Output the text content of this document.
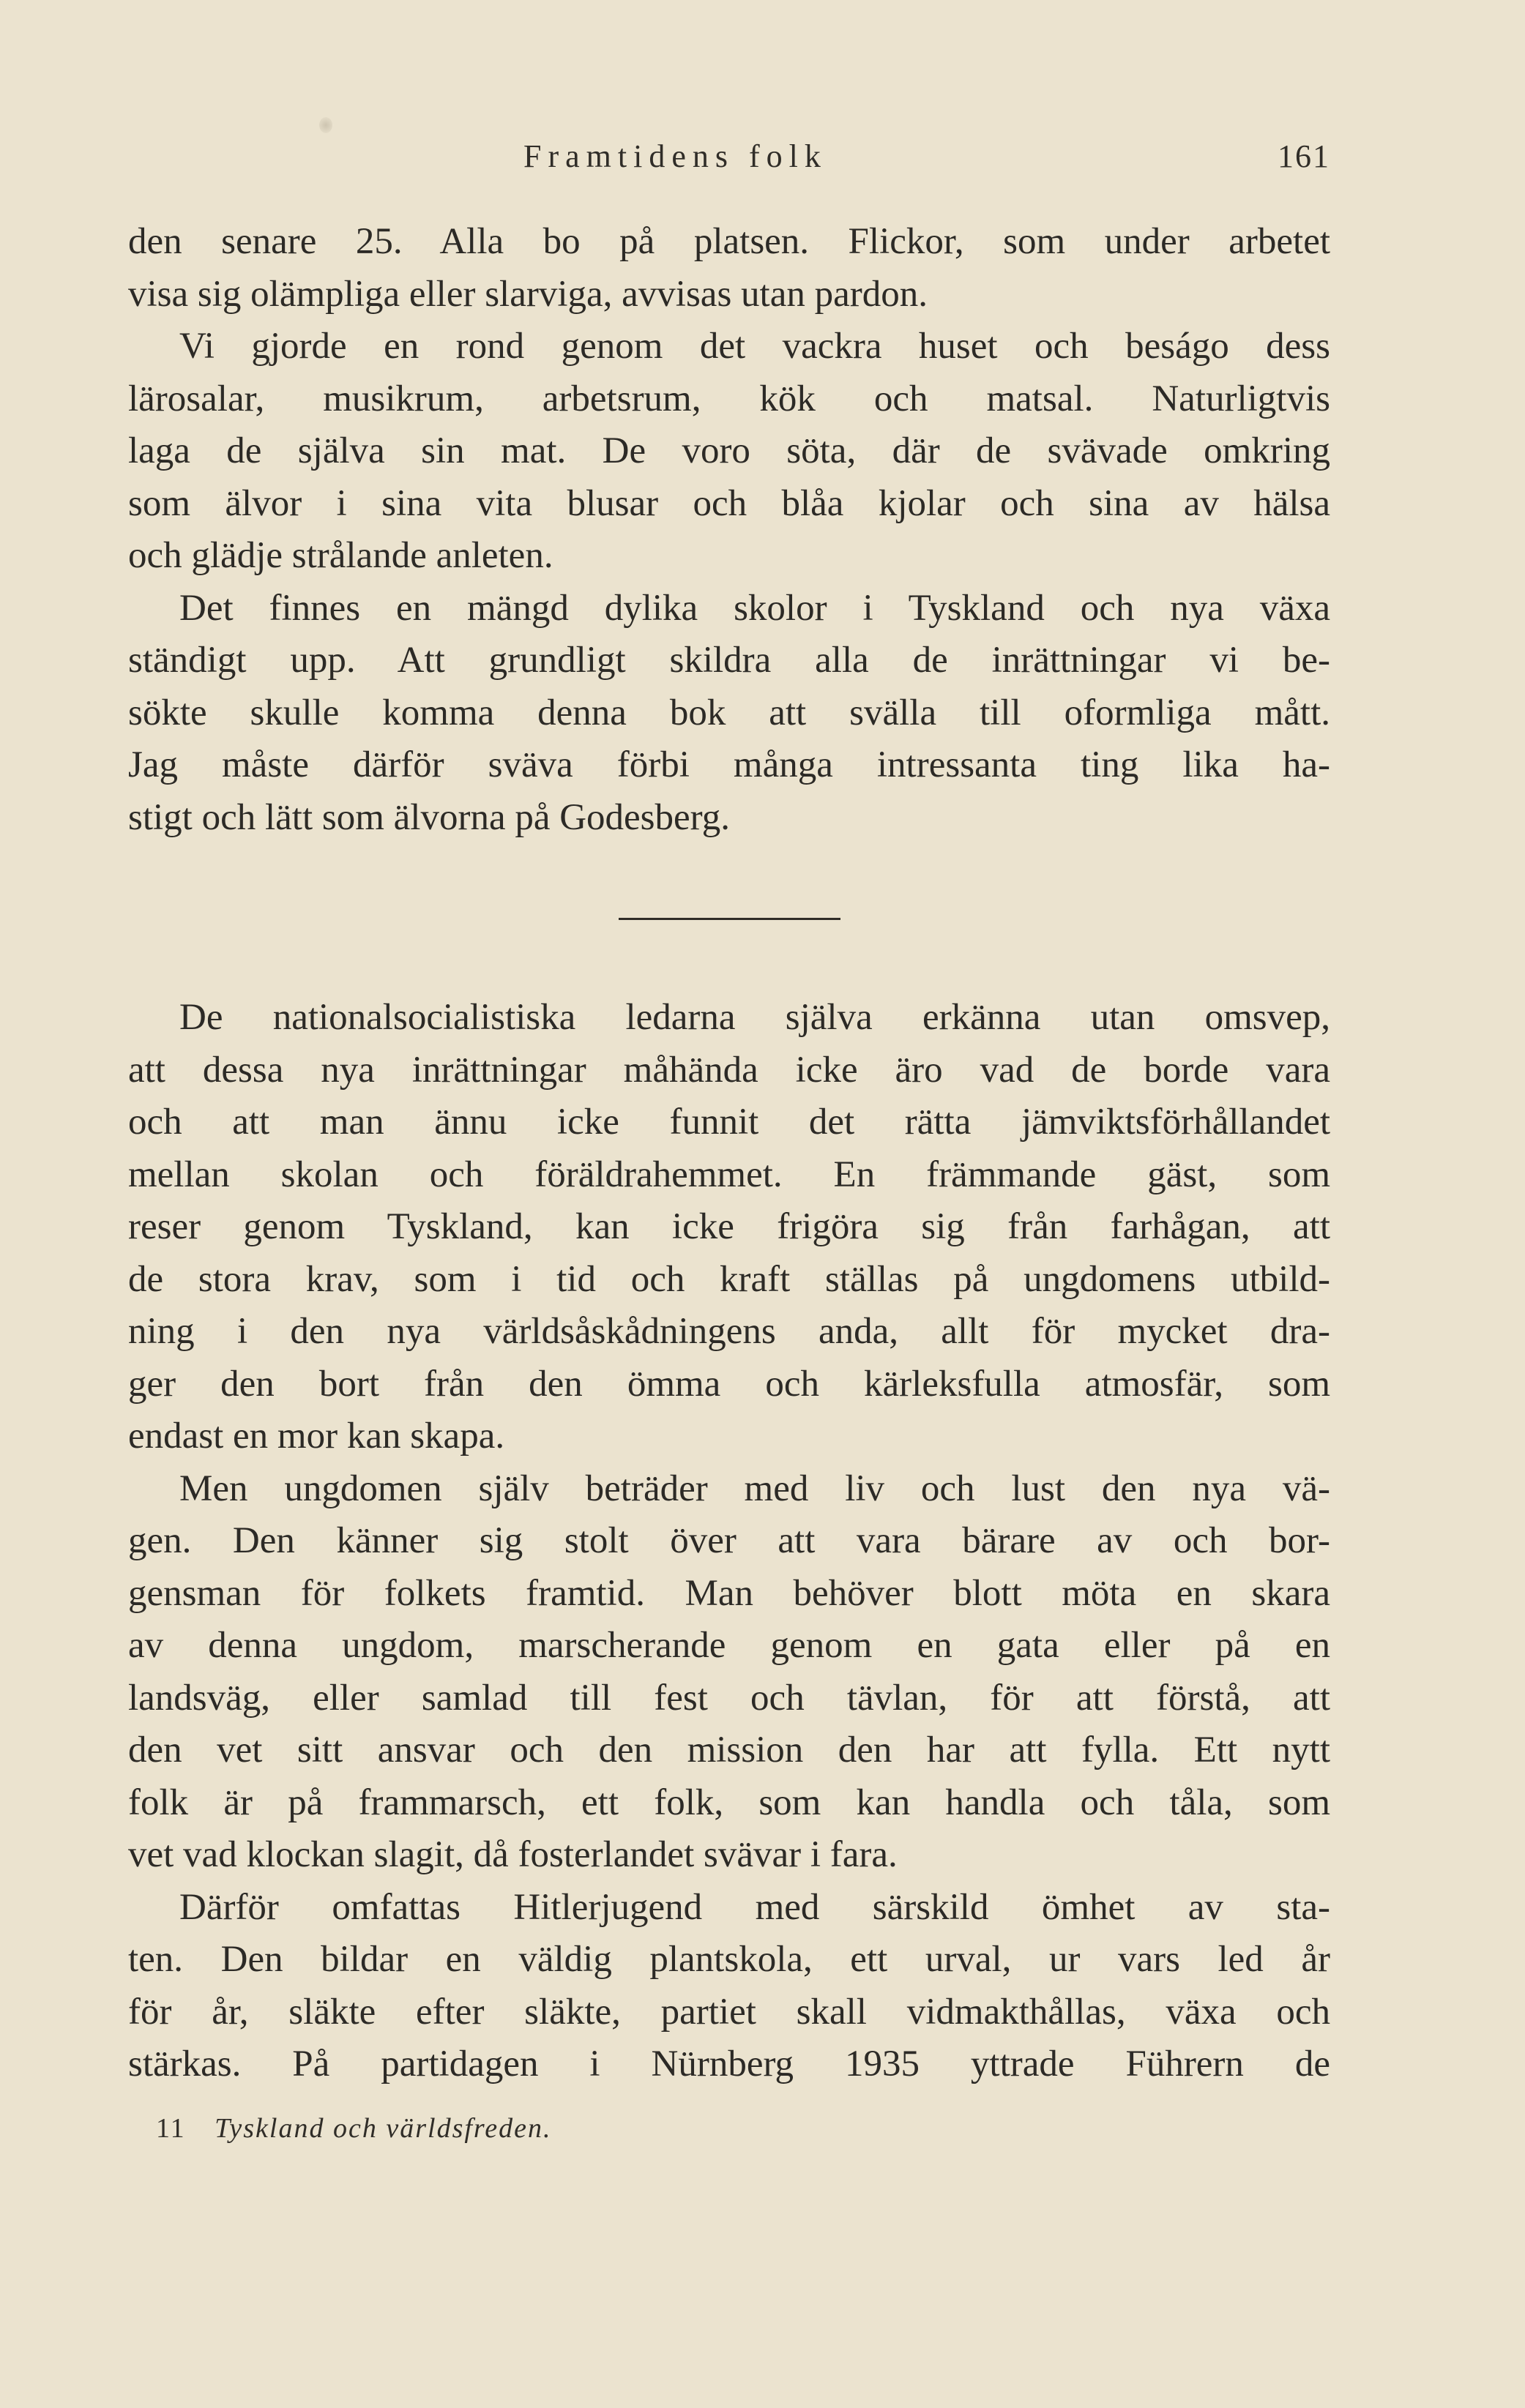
Framtidens folk	161
den senare 25. Alla bo på platsen. Flickor, som under arbetet
visa sig olämpliga eller slarviga, avvisas utan pardon.
Vi gjorde en rond genom det vackra huset och beságo dess
lärosalar, musikrum, arbetsrum, kök och matsal. Naturligtvis
laga de själva sin mat. De voro söta, där de svävade omkring
som älvor i sina vita blusar och blåa kjolar och sina av hälsa
och glädje strålande anleten.
Det finnes en mängd dylika skolor i Tyskland och nya växa
ständigt upp. Att grundligt skildra alla de inrättningar vi be-
sökte skulle komma denna bok att svälla till oformliga mått.
Jag måste därför sväva förbi många intressanta ting lika ha-
stigt och lätt som älvorna på Godesberg.
De nationalsocialistiska ledarna själva erkänna utan omsvep,
att dessa nya inrättningar måhända icke äro vad de borde vara
och att man ännu icke funnit det rätta jämviktsförhållandet
mellan skolan och föräldrahemmet. En främmande gäst, som
reser genom Tyskland, kan icke frigöra sig från farhågan, att
de stora krav, som i tid och kraft ställas på ungdomens utbild-
ning i den nya världsåskådningens anda, allt för mycket dra-
ger den bort från den ömma och kärleksfulla atmosfär, som
endast en mor kan skapa.
Men ungdomen själv beträder med liv och lust den nya vä-
gen. Den känner sig stolt över att vara bärare av och bor-
gensman för folkets framtid. Man behöver blott möta en skara
av denna ungdom, marscherande genom en gata eller på en
landsväg, eller samlad till fest och tävlan, för att förstå, att
den vet sitt ansvar och den mission den har att fylla. Ett nytt
folk är på frammarsch, ett folk, som kan handla och tåla, som
vet vad klockan slagit, då fosterlandet svävar i fara.
Därför omfattas Hitlerjugend med särskild ömhet av sta-
ten. Den bildar en väldig plantskola, ett urval, ur vars led år
för år, släkte efter släkte, partiet skall vidmakthållas, växa och
stärkas. På partidagen i Nürnberg 1935 yttrade Führern de
11 Tyskland och världsfreden.
